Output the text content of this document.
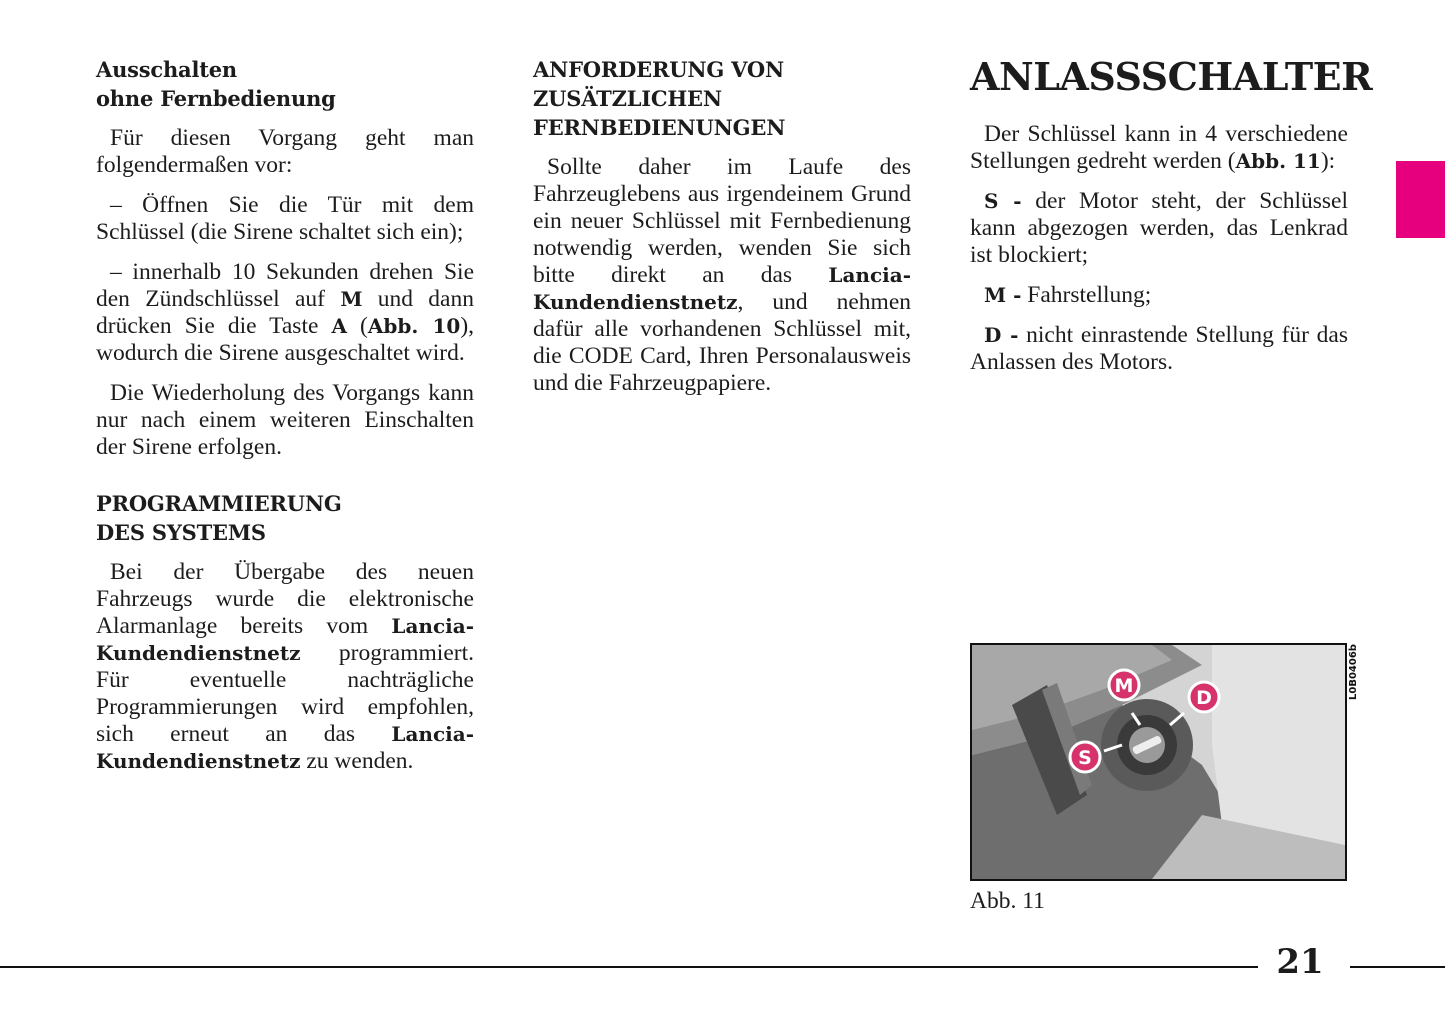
Ausschalten
ohne Fernbedienung

Für diesen Vorgang geht man folgendermaßen vor:

– Öffnen Sie die Tür mit dem Schlüssel (die Sirene schaltet sich ein);

– innerhalb 10 Sekunden drehen Sie den Zündschlüssel auf M und dann drücken Sie die Taste A (Abb. 10), wodurch die Sirene ausgeschaltet wird.

Die Wiederholung des Vorgangs kann nur nach einem weiteren Einschalten der Sirene erfolgen.

PROGRAMMIERUNG
DES SYSTEMS

Bei der Übergabe des neuen Fahrzeugs wurde die elektronische Alarmanlage bereits vom Lancia-Kundendienstnetz programmiert. Für eventuelle nachträgliche Programmierungen wird empfohlen, sich erneut an das Lancia-Kundendienstnetz zu wenden.

ANFORDERUNG VON
ZUSÄTZLICHEN
FERNBEDIENUNGEN

Sollte daher im Laufe des Fahrzeuglebens aus irgendeinem Grund ein neuer Schlüssel mit Fernbedienung notwendig werden, wenden Sie sich bitte direkt an das Lancia-Kundendienstnetz, und nehmen dafür alle vorhandenen Schlüssel mit, die CODE Card, Ihren Personalausweis und die Fahrzeugpapiere.

ANLASSSCHALTER

Der Schlüssel kann in 4 verschiedene Stellungen gedreht werden (Abb. 11):

S - der Motor steht, der Schlüssel kann abgezogen werden, das Lenkrad ist blockiert;

M - Fahrstellung;

D - nicht einrastende Stellung für das Anlassen des Motors.

M
D
S
L0B0406b
Abb. 11
21
